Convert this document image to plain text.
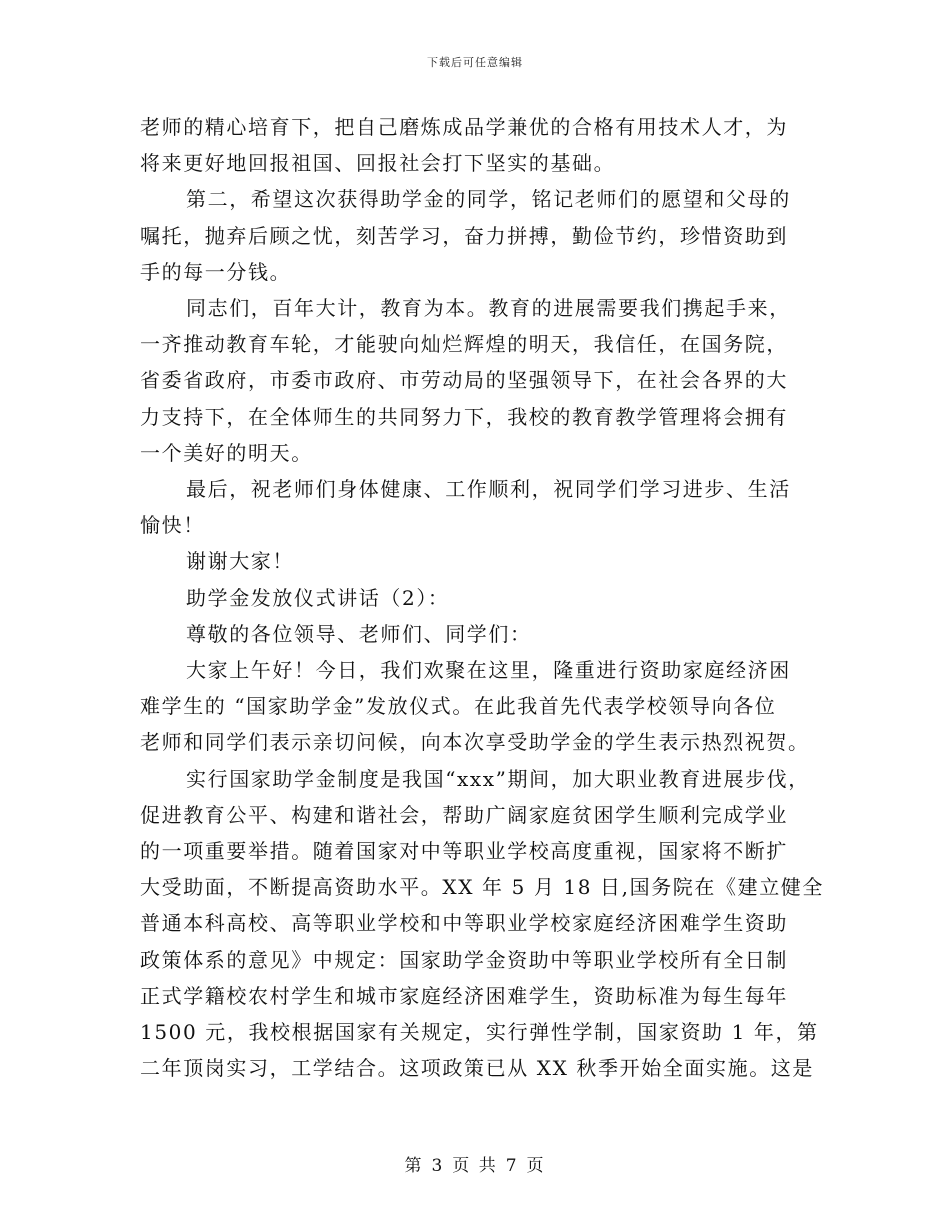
下载后可任意编辑

老师的精心培育下，把自己磨炼成品学兼优的合格有用技术人才，为

将来更好地回报祖国、回报社会打下坚实的基础。

第二，希望这次获得助学金的同学，铭记老师们的愿望和父母的

嘱托，抛弃后顾之忧，刻苦学习，奋力拼搏，勤俭节约，珍惜资助到

手的每一分钱。

同志们，百年大计，教育为本。教育的进展需要我们携起手来，

一齐推动教育车轮，才能驶向灿烂辉煌的明天，我信任，在国务院，

省委省政府，市委市政府、市劳动局的坚强领导下，在社会各界的大

力支持下，在全体师生的共同努力下，我校的教育教学管理将会拥有

一个美好的明天。

最后，祝老师们身体健康、工作顺利，祝同学们学习进步、生活

愉快！

谢谢大家！

助学金发放仪式讲话（2）：

尊敬的各位领导、老师们、同学们：

大家上午好！今日，我们欢聚在这里，隆重进行资助家庭经济困

难学生的 “国家助学金”发放仪式。在此我首先代表学校领导向各位

老师和同学们表示亲切问候，向本次享受助学金的学生表示热烈祝贺。

实行国家助学金制度是我国“xxx”期间，加大职业教育进展步伐，

促进教育公平、构建和谐社会，帮助广阔家庭贫困学生顺利完成学业

的一项重要举措。随着国家对中等职业学校高度重视，国家将不断扩

大受助面，不断提高资助水平。XX 年 5 月 18 日,国务院在《建立健全

普通本科高校、高等职业学校和中等职业学校家庭经济困难学生资助

政策体系的意见》中规定：国家助学金资助中等职业学校所有全日制

正式学籍校农村学生和城市家庭经济困难学生，资助标准为每生每年

1500 元，我校根据国家有关规定，实行弹性学制，国家资助 1 年，第

二年顶岗实习，工学结合。这项政策已从 XX 秋季开始全面实施。这是

第 3 页 共 7 页
